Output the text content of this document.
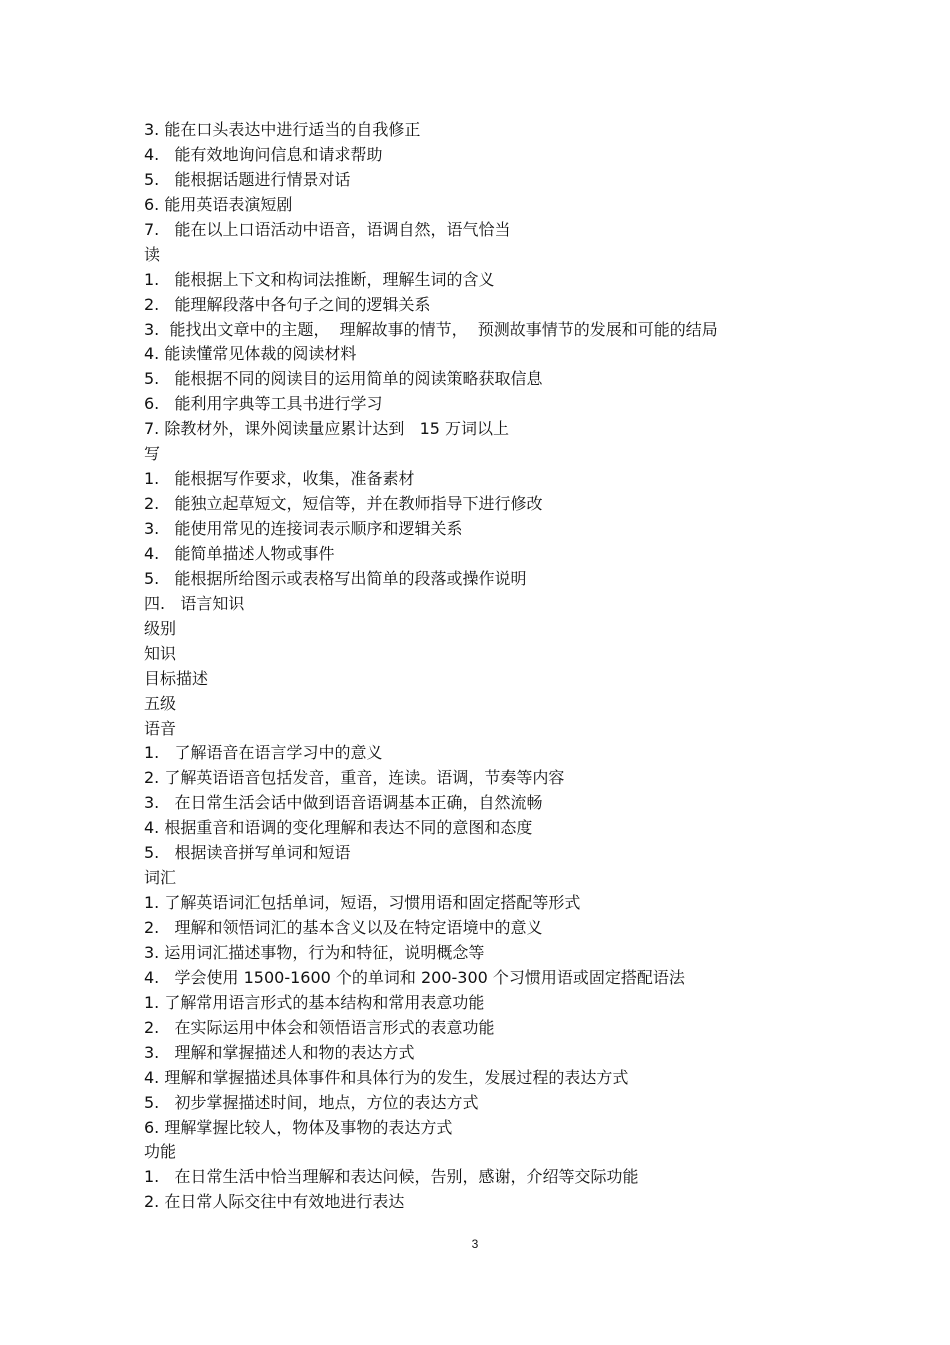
3. 能在口头表达中进行适当的自我修正
4.   能有效地询问信息和请求帮助
5.   能根据话题进行情景对话
6. 能用英语表演短剧
7.   能在以上口语活动中语音，语调自然，语气恰当
读
1.   能根据上下文和构词法推断，理解生词的含义
2.   能理解段落中各句子之间的逻辑关系
3.  能找出文章中的主题，  理解故事的情节，  预测故事情节的发展和可能的结局
4. 能读懂常见体裁的阅读材料
5.   能根据不同的阅读目的运用简单的阅读策略获取信息
6.   能利用字典等工具书进行学习
7. 除教材外，课外阅读量应累计达到   15 万词以上
写
1.   能根据写作要求，收集，准备素材
2.   能独立起草短文，短信等，并在教师指导下进行修改
3.   能使用常见的连接词表示顺序和逻辑关系
4.   能简单描述人物或事件
5.   能根据所给图示或表格写出简单的段落或操作说明
四.   语言知识
级别
知识
目标描述
五级
语音
1.   了解语音在语言学习中的意义
2. 了解英语语音包括发音，重音，连读。语调，节奏等内容
3.   在日常生活会话中做到语音语调基本正确，自然流畅
4. 根据重音和语调的变化理解和表达不同的意图和态度
5.   根据读音拼写单词和短语
词汇
1. 了解英语词汇包括单词，短语，习惯用语和固定搭配等形式
2.   理解和领悟词汇的基本含义以及在特定语境中的意义
3. 运用词汇描述事物，行为和特征，说明概念等
4.   学会使用 1500-1600 个的单词和 200-300 个习惯用语或固定搭配语法
1. 了解常用语言形式的基本结构和常用表意功能
2.   在实际运用中体会和领悟语言形式的表意功能
3.   理解和掌握描述人和物的表达方式
4. 理解和掌握描述具体事件和具体行为的发生，发展过程的表达方式
5.   初步掌握描述时间，地点，方位的表达方式
6. 理解掌握比较人，物体及事物的表达方式
功能
1.   在日常生活中恰当理解和表达问候，告别，感谢，介绍等交际功能
2. 在日常人际交往中有效地进行表达
3
